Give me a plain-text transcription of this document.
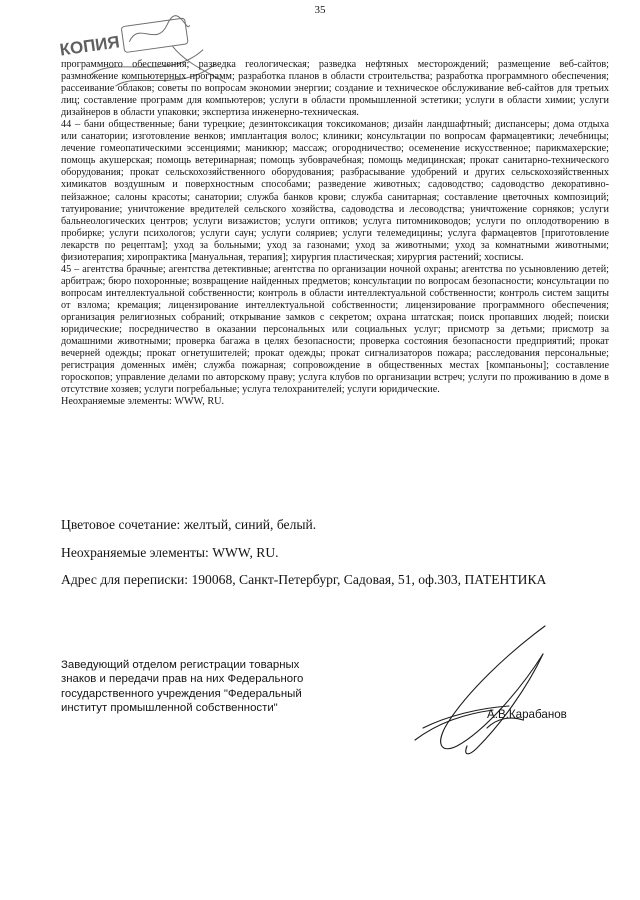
35
КОПИЯ

программного обеспечения; разведка геологическая; разведка нефтяных месторождений; размещение веб-сайтов; размножение компьютерных программ; разработка планов в области строительства; разработка программного обеспечения; рассеивание облаков; советы по вопросам экономии энергии; создание и техническое обслуживание веб-сайтов для третьих лиц; составление программ для компьютеров; услуги в области промышленной эстетики; услуги в области химии; услуги дизайнеров в области упаковки; экспертиза инженерно-техническая.

44 – бани общественные; бани турецкие; дезинтоксикация токсикоманов; дизайн ландшафтный; диспансеры; дома отдыха или санатории; изготовление венков; имплантация волос; клиники; консультации по вопросам фармацевтики; лечебницы; лечение гомеопатическими эссенциями; маникюр; массаж; огородничество; осеменение искусственное; парикмахерские; помощь акушерская; помощь ветеринарная; помощь зубоврачебная; помощь медицинская; прокат санитарно-технического оборудования; прокат сельскохозяйственного оборудования; разбрасывание удобрений и других сельскохозяйственных химикатов воздушным и поверхностным способами; разведение животных; садоводство; садоводство декоративно-пейзажное; салоны красоты; санатории; служба банков крови; служба санитарная; составление цветочных композиций; татуирование; уничтожение вредителей сельского хозяйства, садоводства и лесоводства; уничтожение сорняков; услуги бальнеологических центров; услуги визажистов; услуги оптиков; услуга питомниководов; услуги по оплодотворению в пробирке; услуги психологов; услуги саун; услуги соляриев; услуги телемедицины; услуга фармацевтов [приготовление лекарств по рецептам]; уход за больными; уход за газонами; уход за животными; уход за комнатными животными; физиотерапия; хиропрактика [мануальная, терапия]; хирургия пластическая; хирургия растений; хосписы.

45 – агентства брачные; агентства детективные; агентства по организации ночной охраны; агентства по усыновлению детей; арбитраж; бюро похоронные; возвращение найденных предметов; консультации по вопросам безопасности; консультации по вопросам интеллектуальной собственности; контроль в области интеллектуальной собственности; контроль систем защиты от взлома; кремация; лицензирование интеллектуальной собственности; лицензирование программного обеспечения; организация религиозных собраний; открывание замков с секретом; охрана штатская; поиск пропавших людей; поиски юридические; посредничество в оказании персональных или социальных услуг; присмотр за детьми; присмотр за домашними животными; проверка багажа в целях безопасности; проверка состояния безопасности предприятий; прокат вечерней одежды; прокат огнетушителей; прокат одежды; прокат сигнализаторов пожара; расследования персональные; регистрация доменных имён; служба пожарная; сопровождение в общественных местах [компаньоны]; составление гороскопов; управление делами по авторскому праву; услуга клубов по организации встреч; услуги по проживанию в доме в отсутствие хозяев; услуги погребальные; услуга телохранителей; услуги юридические.

Неохраняемые элементы: WWW, RU.

Цветовое сочетание: желтый, синий, белый.

Неохраняемые элементы: WWW, RU.

Адрес для переписки: 190068, Санкт-Петербург, Садовая, 51, оф.303, ПАТЕНТИКА

Заведующий отделом регистрации товарных
знаков и передачи прав на них Федерального
государственного учреждения "Федеральный
институт промышленной собственности"

А.В.Карабанов
